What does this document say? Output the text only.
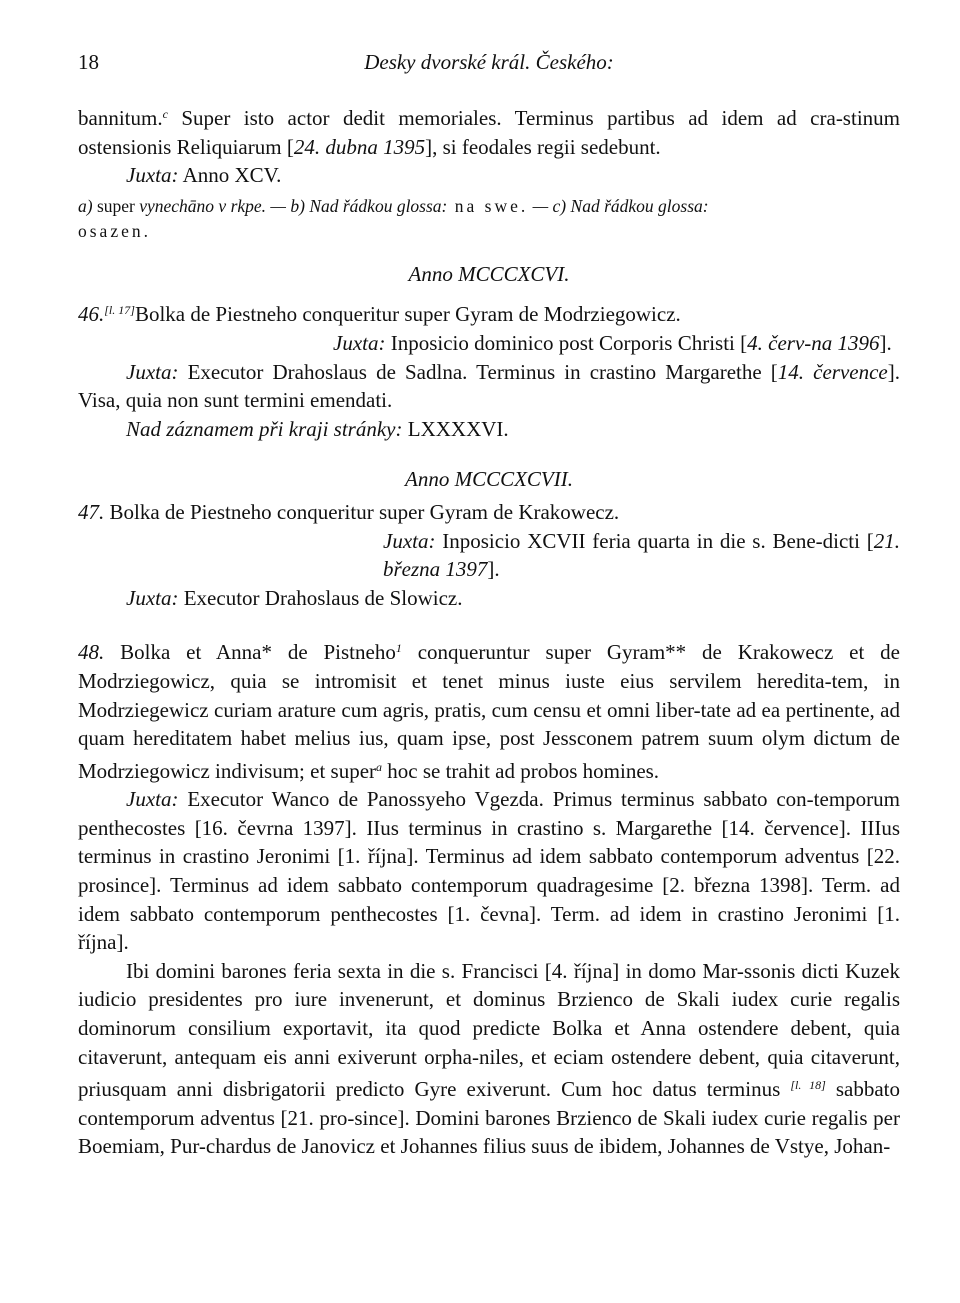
18	Desky dvorské král. Českého:

bannitum.$^c$ Super isto actor dedit memoriales. Terminus partibus ad idem ad cra-stinum ostensionis Reliquiarum [24. dubna 1395], si feodales regii sedebunt.

Juxta: Anno XCV.

a) super vynechāno v rkpe. — b) Nad řádkou glossa: na swe. — c) Nad řádkou glossa:
osazen.

Anno MCCCXCVI.

46.[l. 17]Bolka de Piestneho conqueritur super Gyram de Modrziegowicz.

Juxta: Inposicio dominico post Corporis Christi [4. červ-na 1396].

Juxta: Executor Drahoslaus de Sadlna. Terminus in crastino Margarethe [14. července]. Visa, quia non sunt termini emendati.

Nad záznamem při kraji stránky: LXXXXVI.

Anno MCCCXCVII.

47. Bolka de Piestneho conqueritur super Gyram de Krakowecz.

Juxta: Inposicio XCVII feria quarta in die s. Bene-dicti [21. března 1397].

Juxta: Executor Drahoslaus de Slowicz.

48. Bolka et Anna* de Pistneho$^1$ conqueruntur super Gyram** de Krakowecz et de Modrziegowicz, quia se intromisit et tenet minus iuste eius servilem heredita-tem, in Modrziegewicz curiam arature cum agris, pratis, cum censu et omni liber-tate ad ea pertinente, ad quam hereditatem habet melius ius, quam ipse, post Jessconem patrem suum olym dictum de Modrziegowicz indivisum; et super$^a$ hoc se trahit ad probos homines.

Juxta: Executor Wanco de Panossyeho Vgezda. Primus terminus sabbato con-temporum penthecostes [16. čevrna 1397]. IIus terminus in crastino s. Margarethe [14. července]. IIIus terminus in crastino Jeronimi [1. října]. Terminus ad idem sabbato contemporum adventus [22. prosince]. Terminus ad idem sabbato contemporum quadragesime [2. března 1398]. Term. ad idem sabbato contemporum penthecostes [1. čevna]. Term. ad idem in crastino Jeronimi [1. října].

Ibi domini barones feria sexta in die s. Francisci [4. října] in domo Mar-ssonis dicti Kuzek iudicio presidentes pro iure invenerunt, et dominus Brzienco de Skali iudex curie regalis dominorum consilium exportavit, ita quod predicte Bolka et Anna ostendere debent, quia citaverunt, antequam eis anni exiverunt orpha-niles, et eciam ostendere debent, quia citaverunt, priusquam anni disbrigatorii predicto Gyre exiverunt. Cum hoc datus terminus [l. 18] sabbato contemporum adventus [21. pro-since]. Domini barones Brzienco de Skali iudex curie regalis per Boemiam, Pur-chardus de Janovicz et Johannes filius suus de ibidem, Johannes de Vstye, Johan-
